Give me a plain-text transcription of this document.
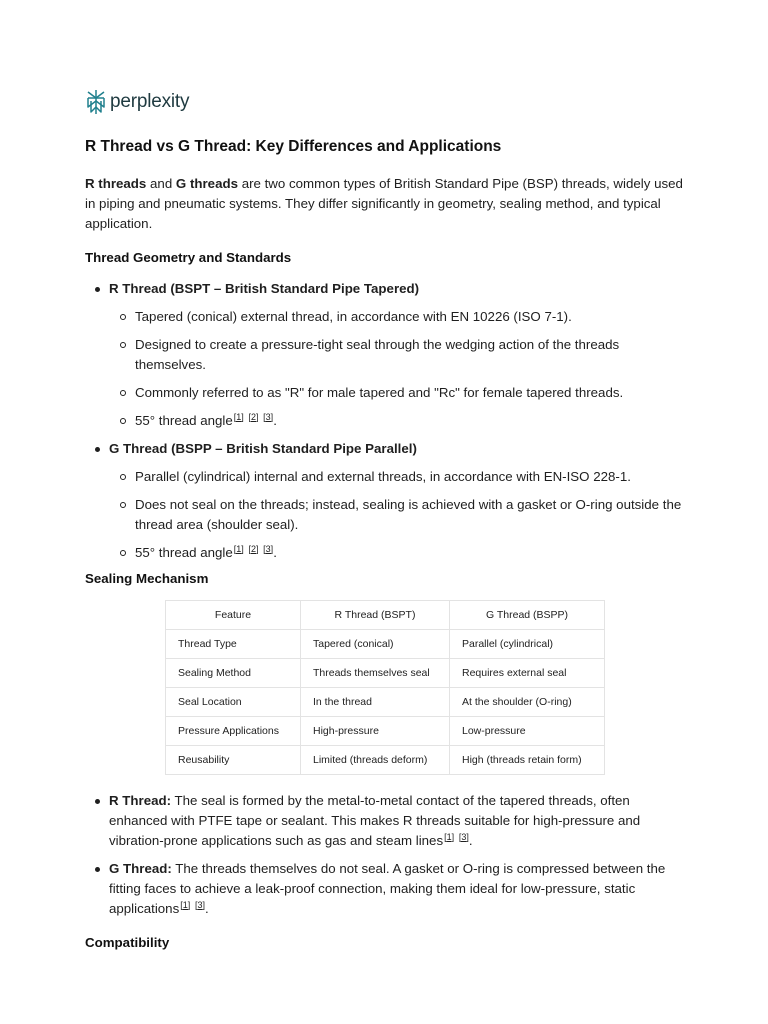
perplexity
R Thread vs G Thread: Key Differences and Applications

R threads and G threads are two common types of British Standard Pipe (BSP) threads, widely used in piping and pneumatic systems. They differ significantly in geometry, sealing method, and typical application.

Thread Geometry and Standards
R Thread (BSPT – British Standard Pipe Tapered)
Tapered (conical) external thread, in accordance with EN 10226 (ISO 7-1).
Designed to create a pressure-tight seal through the wedging action of the threads themselves.
Commonly referred to as "R" for male tapered and "Rc" for female tapered threads.
55° thread angle[1] [2] [3].
G Thread (BSPP – British Standard Pipe Parallel)
Parallel (cylindrical) internal and external threads, in accordance with EN-ISO 228-1.
Does not seal on the threads; instead, sealing is achieved with a gasket or O-ring outside the thread area (shoulder seal).
55° thread angle[1] [2] [3].
Sealing Mechanism
Feature	R Thread (BSPT)	G Thread (BSPP)
Thread Type	Tapered (conical)	Parallel (cylindrical)
Sealing Method	Threads themselves seal	Requires external seal
Seal Location	In the thread	At the shoulder (O-ring)
Pressure Applications	High-pressure	Low-pressure
Reusability	Limited (threads deform)	High (threads retain form)
R Thread: The seal is formed by the metal-to-metal contact of the tapered threads, often enhanced with PTFE tape or sealant. This makes R threads suitable for high-pressure and vibration-prone applications such as gas and steam lines[1] [3].
G Thread: The threads themselves do not seal. A gasket or O-ring is compressed between the fitting faces to achieve a leak-proof connection, making them ideal for low-pressure, static applications[1] [3].
Compatibility
